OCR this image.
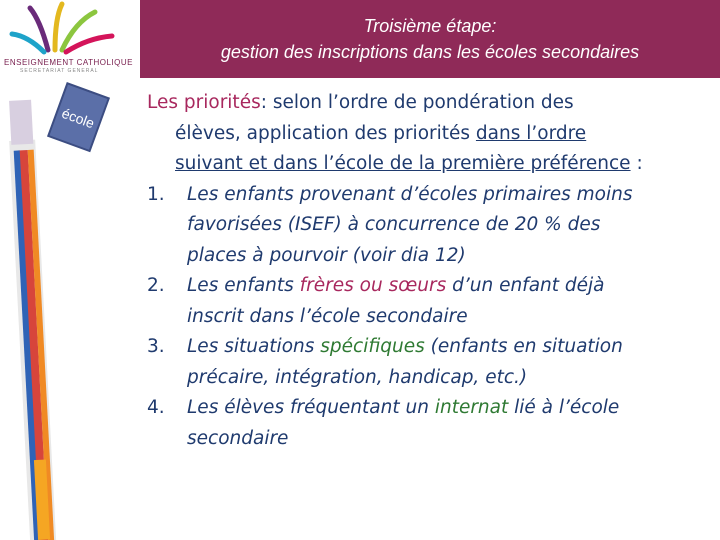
ENSEIGNEMENT CATHOLIQUE
SECRETARIAT GENERAL
Troisième étape:
gestion des inscriptions dans les écoles secondaires
école
Les priorités: selon l’ordre de pondération des
élèves, application des priorités dans l’ordre
suivant et dans l’école de la première préférence :
1. Les enfants provenant d’écoles primaires moins
favorisées (ISEF) à concurrence de 20 % des
places à pourvoir (voir dia 12)
2. Les enfants frères ou sœurs d’un enfant déjà
inscrit dans l’école secondaire
3. Les situations spécifiques (enfants en situation
précaire, intégration, handicap, etc.)
4. Les élèves fréquentant un internat lié à l’école
secondaire
